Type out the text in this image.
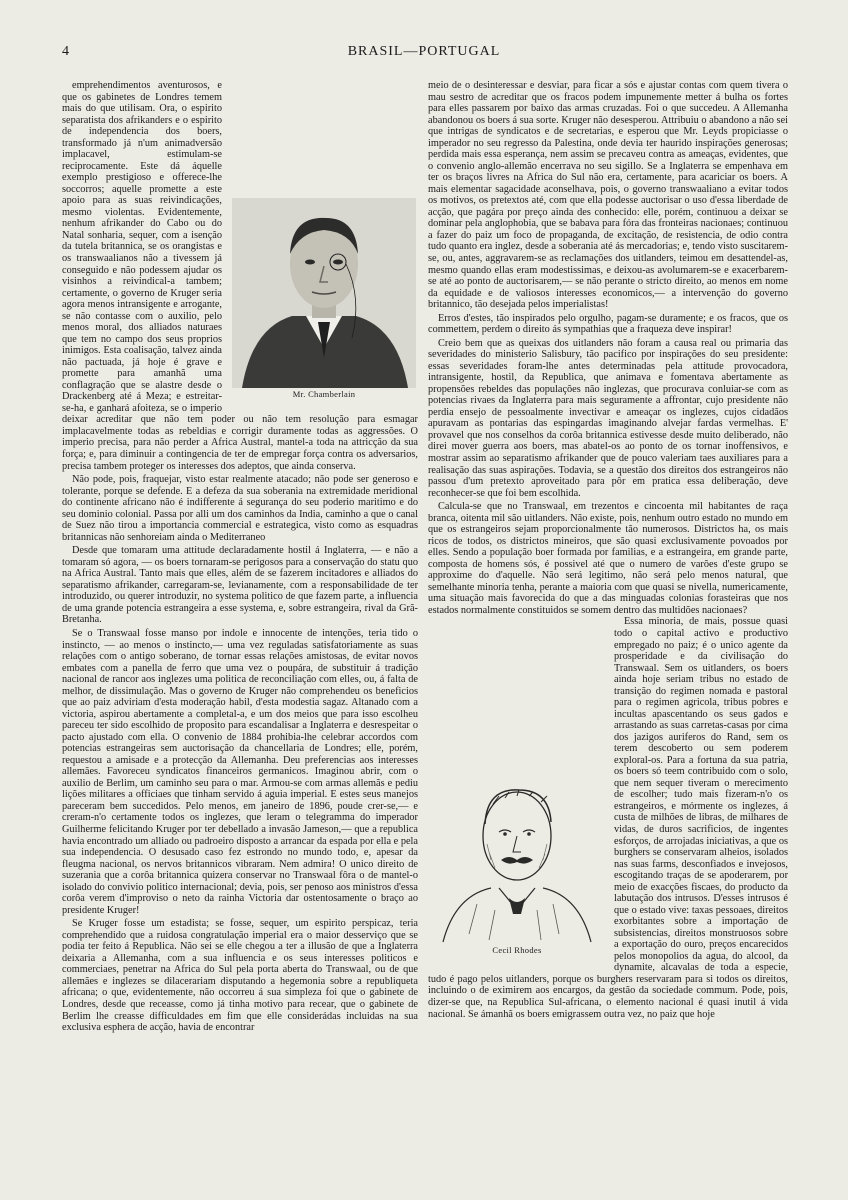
4	BRASIL—PORTUGAL
Mr. Chamberlain

emprehendimentos aventurosos, e que os gabinetes de Londres temem mais do que utilisam. Ora, o espirito separatista dos afrikanders e o espirito de independencia dos boers, transformado já n'um animadversão implacavel, estimulam-se reciprocamente. Este dá áquelle exemplo prestigioso e offerece-lhe soccorros; aquelle promette a este apoio para as suas reivindicações, mesmo violentas. Evidentemente, nenhum afrikander do Cabo ou do Natal sonharia, sequer, com a isenção da tutela britannica, se os orangistas e os transwaalianos não a tivessem já conseguido e não podessem ajudar os visinhos a reivindical-a tambem; certamente, o governo de Kruger seria agora menos intransigente e arrogante, se não contasse com o auxilio, pelo menos moral, dos alliados naturaes que tem no campo dos seus proprios inimigos. Esta coalisação, talvez ainda não pactuada, já hoje é grave e promette para amanhã uma conflagração que se alastre desde o Drackenberg até á Meza; e estreitar-se-ha, e ganhará afoiteza, se o imperio deixar acreditar que não tem poder ou não tem resolução para esmagar implacavelmente todas as rebeldias e corrigir duramente todas as aggressões. O imperio precisa, para não perder a Africa Austral, mantel-a toda na attricção da sua força; e, para diminuir a contingencia de ter de empregar força contra os adversarios, precisa tambem proteger os interesses dos adeptos, que ainda conserva.

Não pode, pois, fraquejar, visto estar realmente atacado; não pode ser generoso e tolerante, porque se defende. E a defeza da sua soberania na extremidade meridional do continente africano não é indifferente á segurança do seu poderio maritimo e do seu dominio colonial. Passa por alli um dos caminhos da India, caminho a que o canal de Suez não tirou a importancia commercial e estrategica, visto como as esquadras britannicas não senhoreiam ainda o Mediterraneo

Desde que tomaram uma attitude declaradamente hostil á Inglaterra, — e não a tomaram só agora, — os boers tornaram-se perigosos para a conservação do statu quo na Africa Austral. Tanto mais que elles, além de se fazerem incitadores e alliados do separatismo afrikander, carregaram-se, levianamente, com a responsabilidade de ter introduzido, ou querer introduzir, no systema politico de que fazem parte, a influencia de uma grande potencia estrangeira a esse systema, e, sobre estrangeira, rival da Grã-Bretanha.

Se o Transwaal fosse manso por indole e innocente de intenções, teria tido o instincto, — ao menos o instincto,— uma vez reguladas satisfatoriamente as suas relações com o antigo soberano, de tornar essas relações amistosas, de evitar novos embates com a panella de ferro que uma vez o poupára, de substituir á tradição nacional de rancor aos inglezes uma politica de reconciliação com elles, ou, á falta de melhor, de dissimulação. Mas o governo de Kruger não comprehendeu os beneficios que ao paiz adviriam d'esta moderação habil, d'esta modestia sagaz. Altanado com a victoria, aspirou abertamente a completal-a, e um dos meios que para isso escolheu pareceu ter sido escolhido de proposito para escandalisar a Inglaterra e desrespeitar o pacto ajustado com ella. O convenio de 1884 prohibia-lhe celebrar accordos com potencias estrangeiras sem auctorisação da chancellaria de Londres; elle, porém, requestou a amisade e a protecção da Allemanha. Deu preferencias aos interesses allemães. Favoreceu syndicatos financeiros germanicos. Imaginou abrir, com o auxilio de Berlim, um caminho seu para o mar. Armou-se com armas allemãs e pediu lições militares a officiaes que tinham servido á aguia imperial. E estes seus manejos pareceram bem succedidos. Pelo menos, em janeiro de 1896, poude crer-se,— e creram-n'o certamente todos os inglezes, que leram o telegramma do imperador Guilherme felicitando Kruger por ter debellado a invasão Jameson,— que a republica havia encontrado um alliado ou padroeiro disposto a arrancar da espada por ella e pela sua independencia. O desusado caso fez estrondo no mundo todo, e, apesar da fleugma nacional, os nervos britannicos vibraram. Nem admira! O unico direito de suzerania que a corôa britannica quizera conservar no Transwaal fôra o de mantel-o isolado do convivio politico internacional; devia, pois, ser penoso aos ministros d'essa corôa verem d'improviso o neto da rainha Victoria dar ostentosamente o braço ao presidente Kruger!

Se Kruger fosse um estadista; se fosse, sequer, um espirito perspicaz, teria comprehendido que a ruidosa congratulação imperial era o maior desserviço que se podia ter feito á Republica. Não sei se elle chegou a ter a illusão de que a Inglaterra deixaria a Allemanha, com a sua influencia e os seus interesses politicos e commerciaes, penetrar na Africa do Sul pela porta aberta do Transwaal, ou de que allemães e inglezes se dilacerariam disputando a hegemonia sobre a republiqueta africana; o que, evidentemente, não occorreu á sua simpleza foi que o gabinete de Londres, desde que receasse, como já tinha motivo para recear, que o gabinete de Berlim lhe creasse difficuldades em fim que elle considerádas incluidas na sua exclusiva esphera de acção, havia de encontrar

meio de o desinteressar e desviar, para ficar a sós e ajustar contas com quem tivera o mau sestro de acreditar que os fracos podem impunemente metter á bulha os fortes para elles passarem por baixo das armas cruzadas. Foi o que succedeu. A Allemanha abandonou os boers á sua sorte. Kruger não desesperou. Attribuiu o abandono a não sei que intrigas de syndicatos e de secretarias, e esperou que Mr. Leyds propiciasse o imperador no seu regresso da Palestina, onde devia ter haurido inspirações generosas; perdida mais essa esperança, nem assim se precaveu contra as ameaças, evidentes, que o convenio anglo-allemão encerrava no seu sigillo. Se a Inglaterra se empenhava em ter os braços livres na Africa do Sul não era, certamente, para acariciar os boers. A mais elementar sagacidade aconselhava, pois, o governo transwaaliano a evitar todos os motivos, os pretextos até, com que ella podesse auctorisar o uso d'essa liberdade de acção, que pagára por preço ainda des conhecido: elle, porém, continuou a deixar se dominar pela anglophobia, que se babava para fóra das fronteiras nacionaes; continuou a fazer do paiz um foco de propaganda, de excitação, de resistencia, de odio contra tudo quanto era inglez, desde a soberania até ás mercadorias; e, tendo visto suscitarem-se, ou, antes, aggravarem-se as reclamações dos uitlanders, teimou em desattendel-as, mesmo quando ellas eram modestissimas, e deixou-as avolumarem-se e exacerbarem-se até ao ponto de auctorisarem,— se não perante o stricto direito, ao menos em nome da equidade e de valiosos interesses economicos,— a intervenção do governo britannico, tão desejada pelos imperialistas!

Erros d'estes, tão inspirados pelo orgulho, pagam-se duramente; e os fracos, que os commettem, perdem o direito ás sympathias que a fraqueza deve inspirar!

Creio bem que as queixas dos uitlanders não foram a causa real ou primaria das severidades do ministerio Salisbury, tão pacifico por inspirações do seu presidente: essas severidades foram-lhe antes determinadas pela attitude provocadora, intransigente, hostil, da Republica, que animava e fomentava abertamente as propensões rebeldes das populações não inglezas, que procurava conluiar-se com as potencias rivaes da Inglaterra para mais seguramente a affrontar, cujo presidente não perdia ensejo de pessoalmente invectivar e ameaçar os inglezes, cujos cidadãos apuravam as pontarias das espingardas imaginando alvejar fardas vermelhas. E' provavel que nos conselhos da corôa britannica estivesse desde muito deliberado, não direi mover guerra aos boers, mas abatel-os ao ponto de os tornar inoffensivos, e mostrar assim ao separatismo afrikander que de pouco valeriam taes auxiliares para a realisação das suas aspirações. Todavia, se a questão dos direitos dos estrangeiros não passou d'um pretexto aproveitado para pôr em pratica essa deliberação, deve reconhecer-se que foi bem escolhida.

Calcula-se que no Transwaal, em trezentos e cincoenta mil habitantes de raça branca, oitenta mil são uitlanders. Não existe, pois, nenhum outro estado no mundo em que os estrangeiros sejam proporcionalmente tão numerosos. Districtos ha, os mais ricos de todos, os districtos mineiros, que são quasi exclusivamente povoados por elles. Sendo a população boer formada por familias, e a estrangeira, em grande parte, composta de homens sós, é possivel até que o numero de varões d'este grupo se approxime do d'aquelle. Não será legitimo, não será pelo menos natural, que semelhante minoria tenha, perante a maioria com que quasi se nivella, numericamente, uma situação mais favorecida do que a das minguadas colonias forasteiras que nos estados normalmente constituidos se somem dentro das multidões nacionaes?

Cecil Rhodes

Essa minoria, de mais, possue quasi todo o capital activo e productivo empregado no paiz; é o unico agente da prosperidade e da civilisação do Transwaal. Sem os uitlanders, os boers ainda hoje seriam tribus no estado de transição do regimen nomada e pastoral para o regimen agricola, tribus pobres e incultas apascentando os seus gados e arrastando as suas carretas-casas por cima dos jazigos auriferos do Rand, sem os terem descoberto ou sem poderem exploral-os. Para a fortuna da sua patria, os boers só teem contribuido com o solo, que nem sequer tiveram o merecimento de escolher; tudo mais fizeram-n'o os estrangeiros, e mórmente os inglezes, á custa de milhões de libras, de milhares de vidas, de duros sacrificios, de ingentes esforços, de arrojadas iniciativas, a que os burghers se conservaram alheios, isolados nas suas farms, desconfiados e invejosos, escogitando traças de se apoderarem, por meio de exacções fiscaes, do producto da labutação dos intrusos. D'esses intrusos é que o estado vive: taxas pessoaes, direitos exorbitantes sobre a importação de subsistencias, direitos monstruosos sobre a exportação do ouro, preços encarecidos pelos monopolios da agua, do alcool, da dynamite, alcavalas de toda a especie, tudo é pago pelos uitlanders, porque os burghers reservaram para si todos os direitos, incluindo o de eximirem aos encargos, da gestão da sociedade commum. Pode, pois, dizer-se que, na Republica Sul-africana, o elemento nacional é quasi inutil á vida nacional. Se ámanhã os boers emigrassem outra vez, no paiz que hoje
